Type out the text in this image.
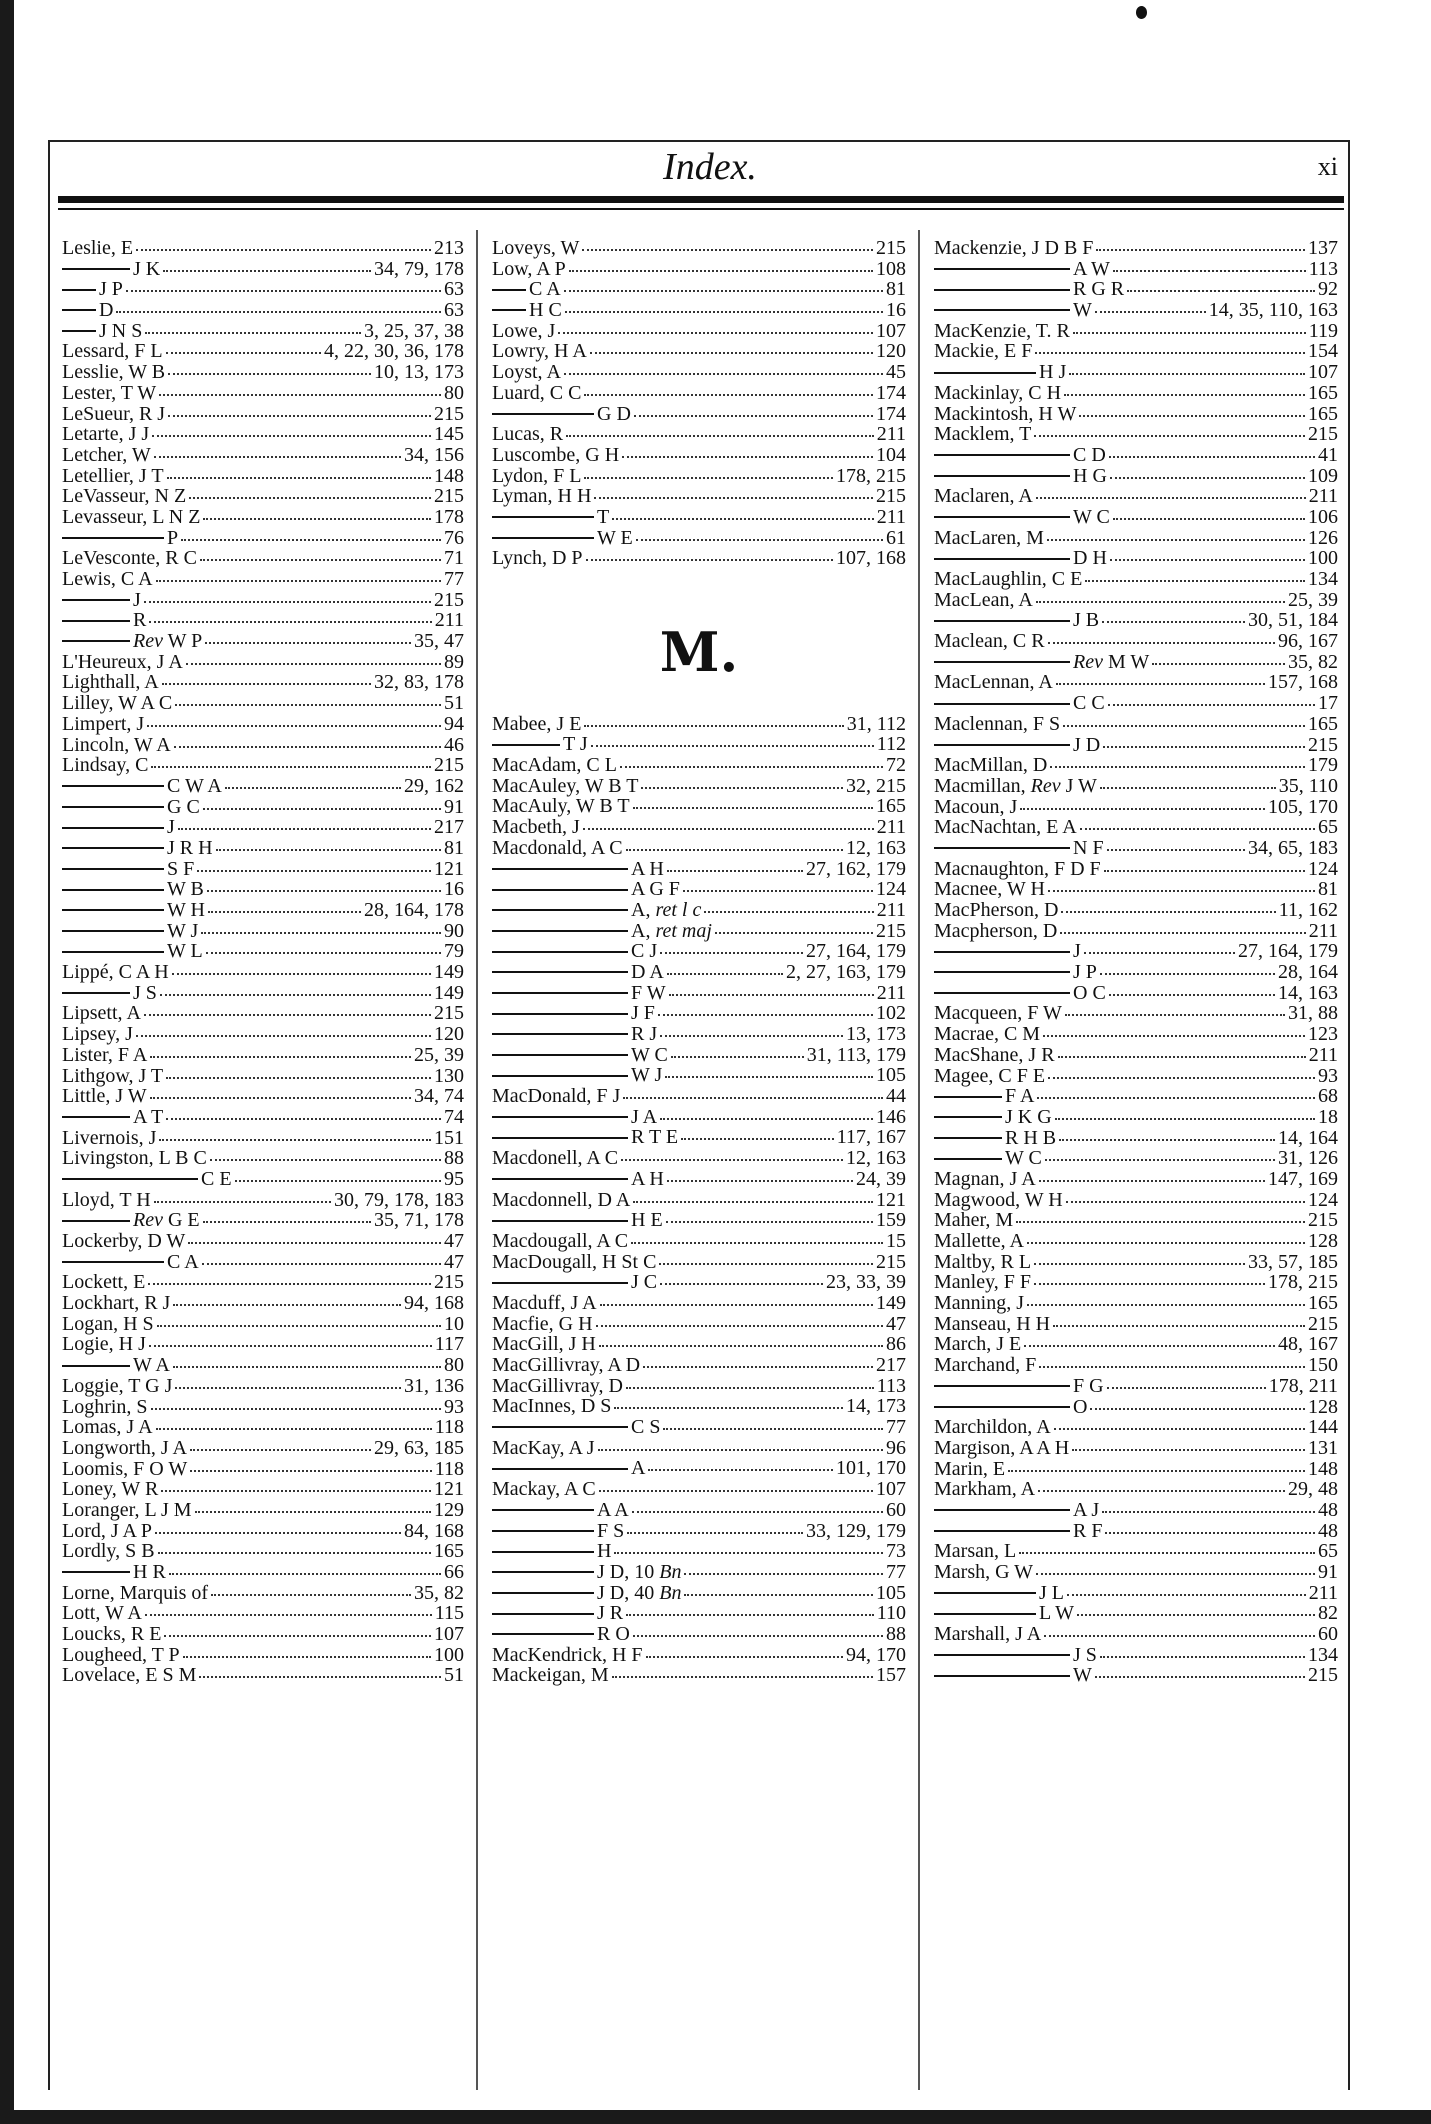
Index.	xi
Leslie, E	213
J K	34, 79, 178
J P	63
D	63
J N S	3, 25, 37, 38
Lessard, F L	4, 22, 30, 36, 178
Lesslie, W B	10, 13, 173
Lester, T W	80
LeSueur, R J	215
Letarte, J J	145
Letcher, W	34, 156
Letellier, J T	148
LeVasseur, N Z	215
Levasseur, L N Z	178
P	76
LeVesconte, R C	71
Lewis, C A	77
J	215
R	211
Rev W P	35, 47
L'Heureux, J A	89
Lighthall, A	32, 83, 178
Lilley, W A C	51
Limpert, J	94
Lincoln, W A	46
Lindsay, C	215
C W A	29, 162
G C	91
J	217
J R H	81
S F	121
W B	16
W H	28, 164, 178
W J	90
W L	79
Lippé, C A H	149
J S	149
Lipsett, A	215
Lipsey, J	120
Lister, F A	25, 39
Lithgow, J T	130
Little, J W	34, 74
A T	74
Livernois, J	151
Livingston, L B C	88
C E	95
Lloyd, T H	30, 79, 178, 183
Rev G E	35, 71, 178
Lockerby, D W	47
C A	47
Lockett, E	215
Lockhart, R J	94, 168
Logan, H S	10
Logie, H J	117
W A	80
Loggie, T G J	31, 136
Loghrin, S	93
Lomas, J A	118
Longworth, J A	29, 63, 185
Loomis, F O W	118
Loney, W R	121
Loranger, L J M	129
Lord, J A P	84, 168
Lordly, S B	165
H R	66
Lorne, Marquis of	35, 82
Lott, W A	115
Loucks, R E	107
Lougheed, T P	100
Lovelace, E S M	51
Loveys, W	215
Low, A P	108
C A	81
H C	16
Lowe, J	107
Lowry, H A	120
Loyst, A	45
Luard, C C	174
G D	174
Lucas, R	211
Luscombe, G H	104
Lydon, F L	178, 215
Lyman, H H	215
T	211
W E	61
Lynch, D P	107, 168
M.
Mabee, J E	31, 112
T J	112
MacAdam, C L	72
MacAuley, W B T	32, 215
MacAuly, W B T	165
Macbeth, J	211
Macdonald, A C	12, 163
A H	27, 162, 179
A G F	124
A, ret l c	211
A, ret maj	215
C J	27, 164, 179
D A	2, 27, 163, 179
F W	211
J F	102
R J	13, 173
W C	31, 113, 179
W J	105
MacDonald, F J	44
J A	146
R T E	117, 167
Macdonell, A C	12, 163
A H	24, 39
Macdonnell, D A	121
H E	159
Macdougall, A C	15
MacDougall, H St C	215
J C	23, 33, 39
Macduff, J A	149
Macfie, G H	47
MacGill, J H	86
MacGillivray, A D	217
MacGillivray, D	113
MacInnes, D S	14, 173
C S	77
MacKay, A J	96
A	101, 170
Mackay, A C	107
A A	60
F S	33, 129, 179
H	73
J D, 10 Bn	77
J D, 40 Bn	105
J R	110
R O	88
MacKendrick, H F	94, 170
Mackeigan, M	157
Mackenzie, J D B F	137
A W	113
R G R	92
W	14, 35, 110, 163
MacKenzie, T. R	119
Mackie, E F	154
H J	107
Mackinlay, C H	165
Mackintosh, H W	165
Macklem, T	215
C D	41
H G	109
Maclaren, A	211
W C	106
MacLaren, M	126
D H	100
MacLaughlin, C E	134
MacLean, A	25, 39
J B	30, 51, 184
Maclean, C R	96, 167
Rev M W	35, 82
MacLennan, A	157, 168
C C	17
Maclennan, F S	165
J D	215
MacMillan, D	179
Macmillan, Rev J W	35, 110
Macoun, J	105, 170
MacNachtan, E A	65
N F	34, 65, 183
Macnaughton, F D F	124
Macnee, W H	81
MacPherson, D	11, 162
Macpherson, D	211
J	27, 164, 179
J P	28, 164
O C	14, 163
Macqueen, F W	31, 88
Macrae, C M	123
MacShane, J R	211
Magee, C F E	93
F A	68
J K G	18
R H B	14, 164
W C	31, 126
Magnan, J A	147, 169
Magwood, W H	124
Maher, M	215
Mallette, A	128
Maltby, R L	33, 57, 185
Manley, F F	178, 215
Manning, J	165
Manseau, H H	215
March, J E	48, 167
Marchand, F	150
F G	178, 211
O	128
Marchildon, A	144
Margison, A A H	131
Marin, E	148
Markham, A	29, 48
A J	48
R F	48
Marsan, L	65
Marsh, G W	91
J L	211
L W	82
Marshall, J A	60
J S	134
W	215
